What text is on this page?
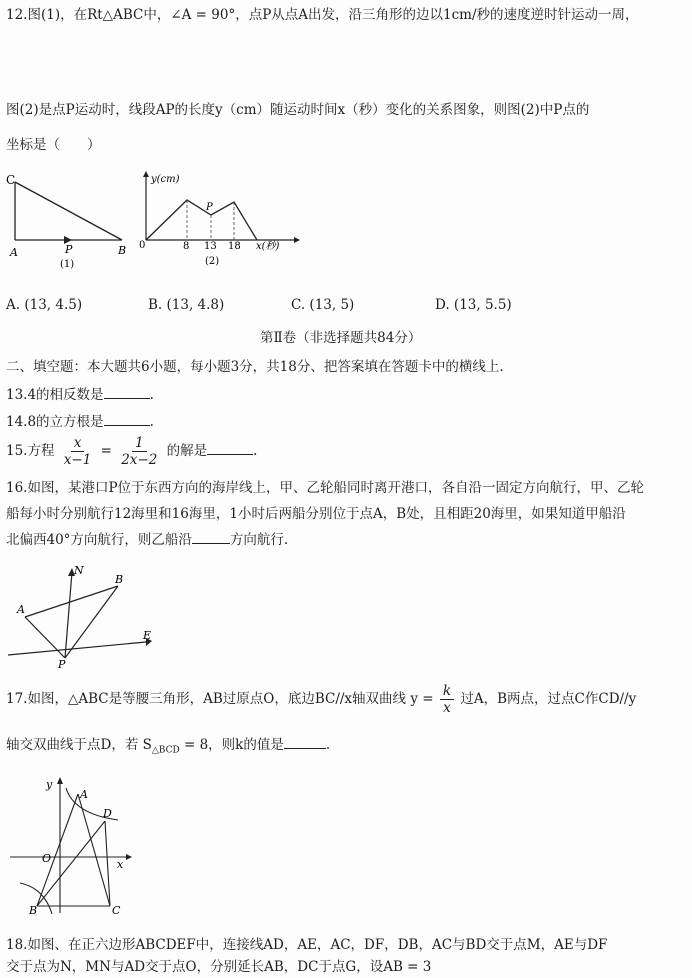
12.图(1)，在Rt△ABC中，∠A = 90°，点P从点A出发，沿三角形的边以1cm/秒的速度逆时针运动一周，
图(2)是点P运动时，线段AP的长度y（cm）随运动时间x（秒）变化的关系图象，则图(2)中P点的
坐标是（　　）
C
A	P	B
(1)
y(cm)
P
0	8 13 18 x(秒)
(2)
A. (13, 4.5)	B. (13, 4.8)	C. (13, 5)	D. (13, 5.5)
第Ⅱ卷（非选择题共84分）
二、填空题：本大题共6小题，每小题3分，共18分、把答案填在答题卡中的横线上.
13.4的相反数是	.
14.8的立方根是	.
15.方程 $\frac{x}{x-1} = \frac{1}{2x-2}$ 的解是	.
16.如图，某港口P位于东西方向的海岸线上，甲、乙轮船同时离开港口，各自沿一固定方向航行，甲、乙轮
船每小时分别航行12海里和16海里，1小时后两船分别位于点A，B处，且相距20海里，如果知道甲船沿
北偏西40°方向航行，则乙船沿	方向航行.
N
B
A
E
P
17.如图，△ABC是等腰三角形，AB过原点O，底边BC//x轴双曲线 $y = \frac{k}{x}$ 过A，B两点，过点C作CD//y
轴交双曲线于点D，若 $S_{\triangle BCD} = 8$，则k的值是	.
y
A
D
O	x
B	C
18.如图、在正六边形ABCDEF中，连接线AD，AE，AC，DF，DB，AC与BD交于点M，AE与DF
交于点为N，MN与AD交于点O，分别延长AB，DC于点G，设AB = 3
